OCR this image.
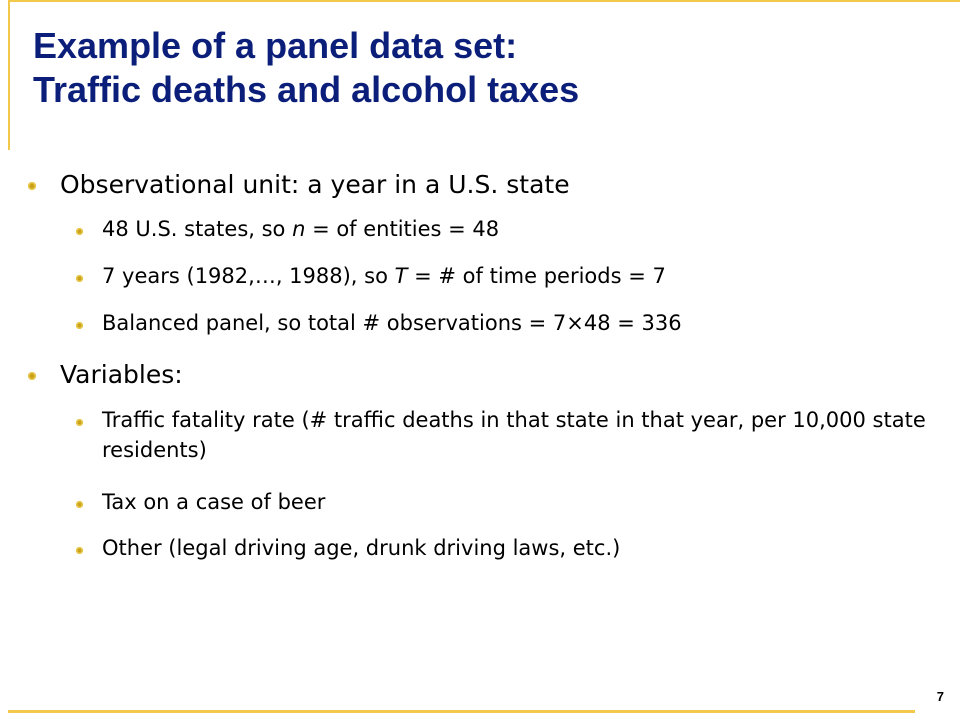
Example of a panel data set:
Traffic deaths and alcohol taxes
Observational unit: a year in a U.S. state
48 U.S. states, so n = of entities = 48
7 years (1982,…, 1988), so T = # of time periods = 7
Balanced panel, so total # observations = 7×48 = 336
Variables:
Traffic fatality rate (# traffic deaths in that state in that year, per 10,000 state residents)
Tax on a case of beer
Other (legal driving age, drunk driving laws, etc.)
7
